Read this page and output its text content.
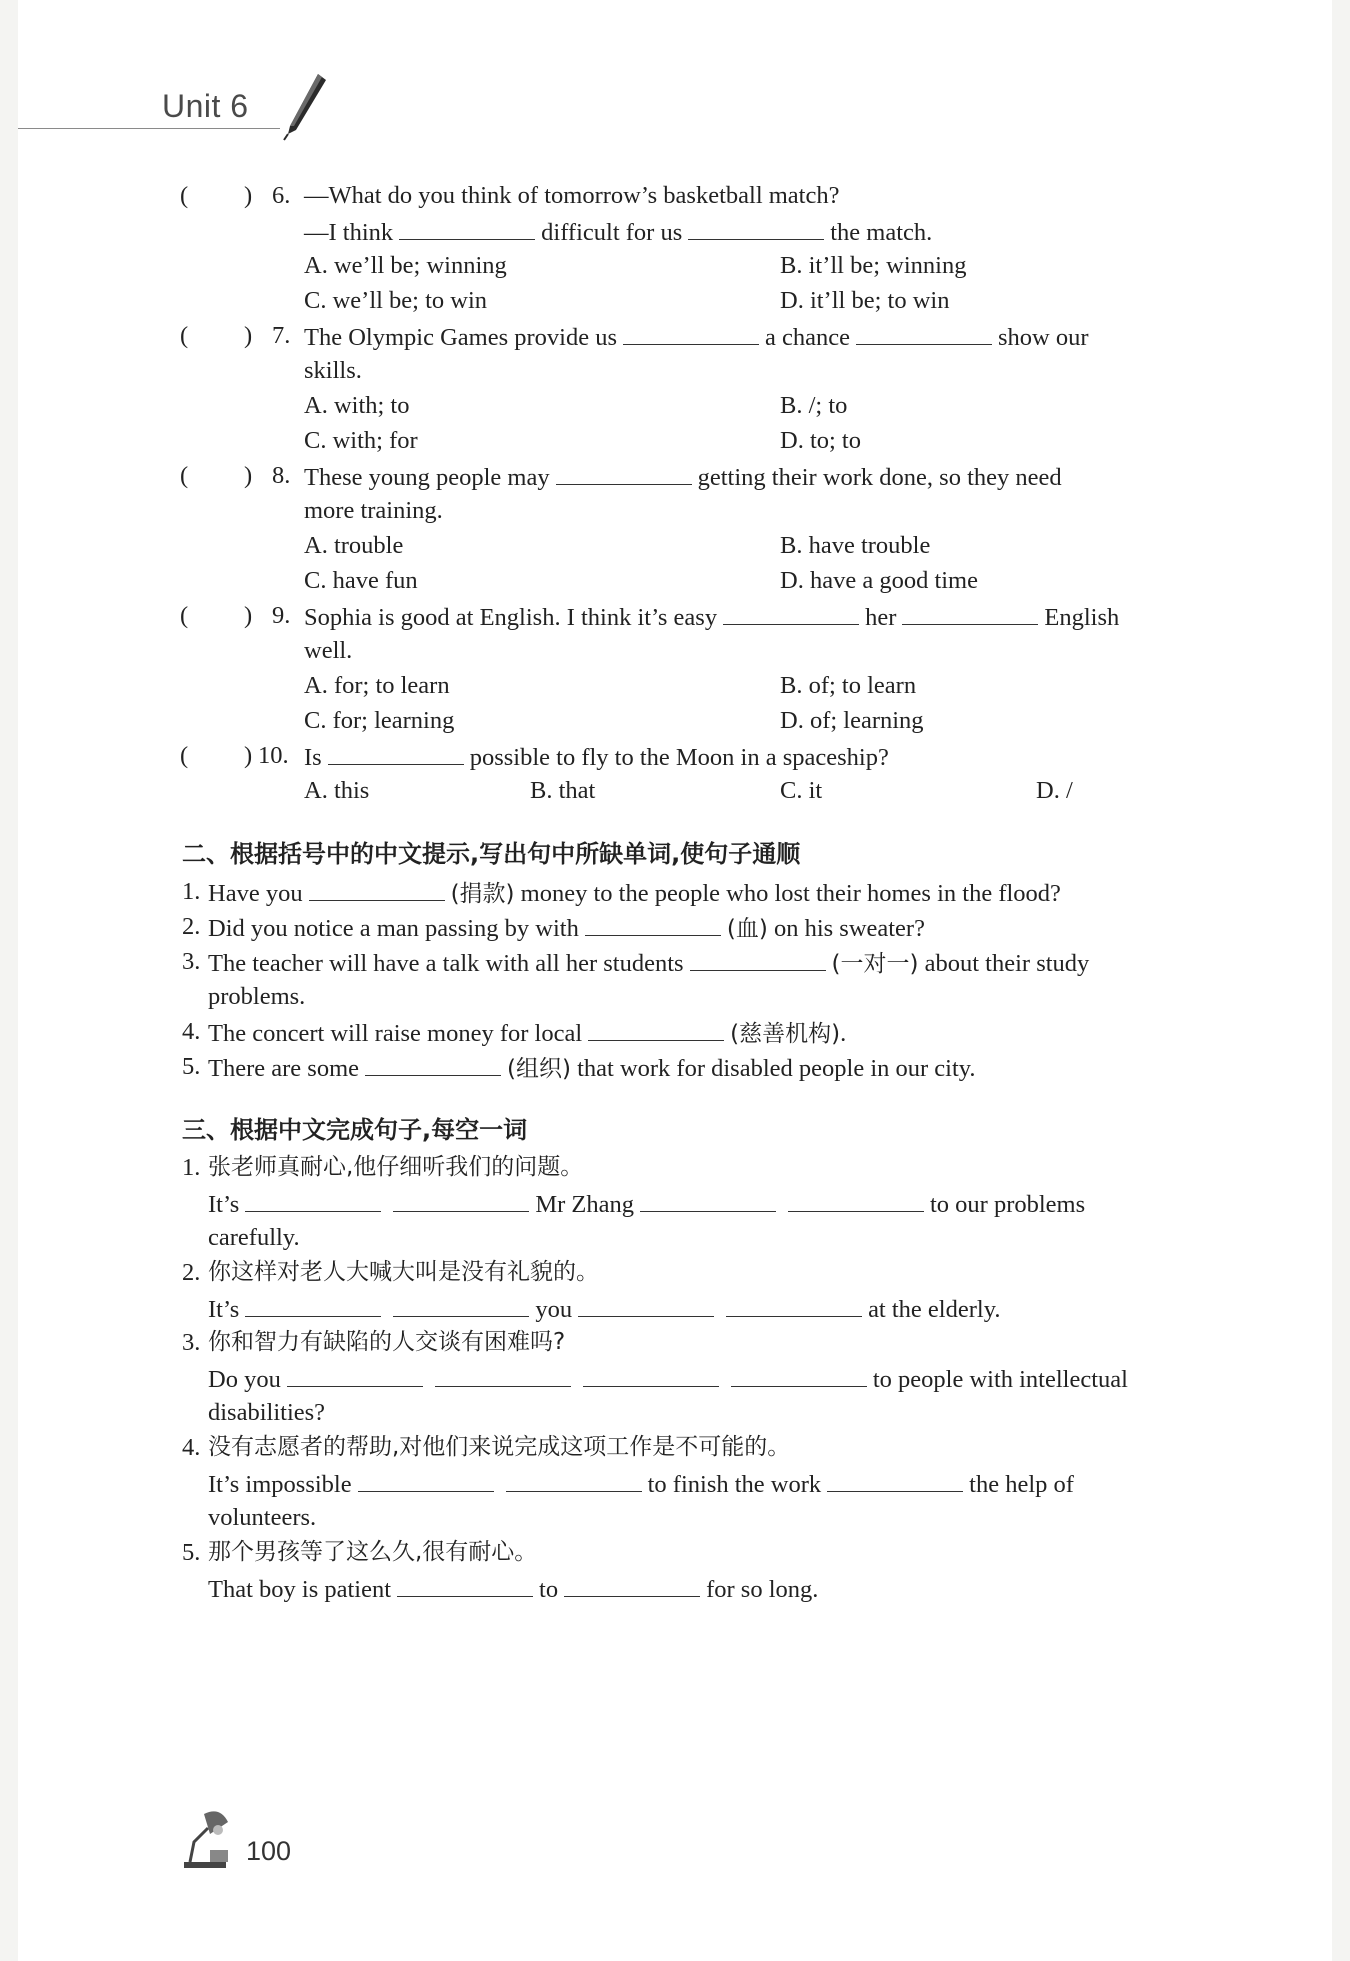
Unit 6
( ) 6. —What do you think of tomorrow’s basketball match?
—I think	difficult for us	the match.
A. we’ll be; winning	B. it’ll be; winning
C. we’ll be; to win	D. it’ll be; to win
( ) 7. The Olympic Games provide us	a chance	show our
skills.
A. with; to	B. /; to
C. with; for	D. to; to
( ) 8. These young people may	getting their work done, so they need
more training.
A. trouble	B. have trouble
C. have fun	D. have a good time
( ) 9. Sophia is good at English. I think it’s easy	her	English
well.
A. for; to learn	B. of; to learn
C. for; learning	D. of; learning
( ) 10. Is	possible to fly to the Moon in a spaceship?
A. this	B. that	C. it	D. /
二、根据括号中的中文提示,写出句中所缺单词,使句子通顺
1. Have you	(捐款) money to the people who lost their homes in the flood?
2. Did you notice a man passing by with	(血) on his sweater?
3. The teacher will have a talk with all her students	(一对一) about their study
problems.
4. The concert will raise money for local	(慈善机构).
5. There are some	(组织) that work for disabled people in our city.
三、根据中文完成句子,每空一词
1. 张老师真耐心,他仔细听我们的问题。
It’s	Mr Zhang	to our problems
carefully.
2. 你这样对老人大喊大叫是没有礼貌的。
It’s	you	at the elderly.
3. 你和智力有缺陷的人交谈有困难吗?
Do you	to people with intellectual
disabilities?
4. 没有志愿者的帮助,对他们来说完成这项工作是不可能的。
It’s impossible	to finish the work	the help of
volunteers.
5. 那个男孩等了这么久,很有耐心。
That boy is patient	to	for so long.
100
